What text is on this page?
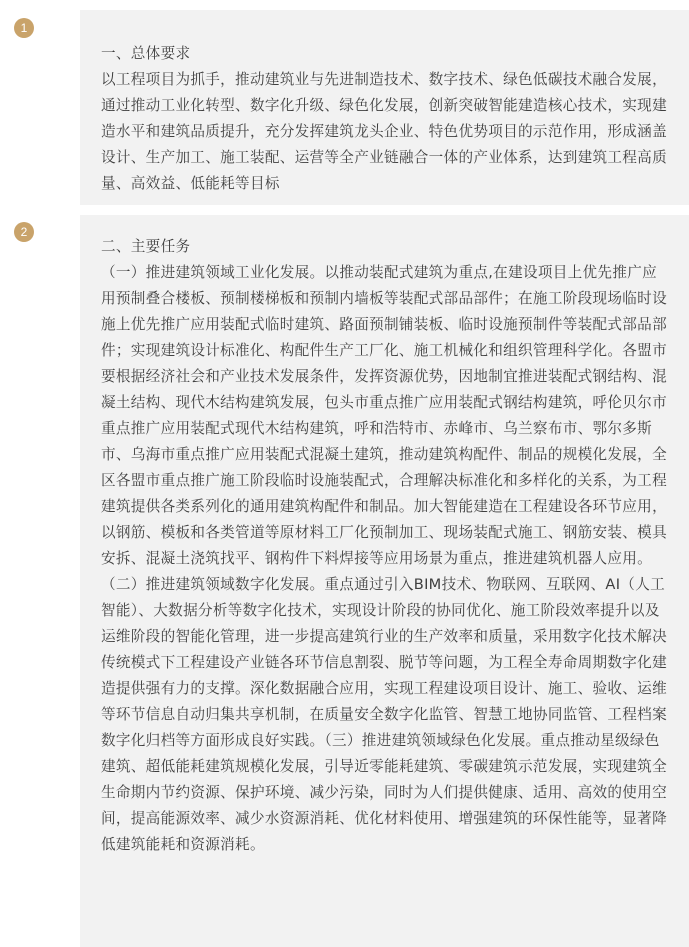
1

一、总体要求

以工程项目为抓手，推动建筑业与先进制造技术、数字技术、绿色低碳技术融合发展，通过推动工业化转型、数字化升级、绿色化发展，创新突破智能建造核心技术，实现建造水平和建筑品质提升，充分发挥建筑龙头企业、特色优势项目的示范作用，形成涵盖设计、生产加工、施工装配、运营等全产业链融合一体的产业体系，达到建筑工程高质量、高效益、低能耗等目标

2

二、主要任务

（一）推进建筑领域工业化发展。以推动装配式建筑为重点,在建设项目上优先推广应用预制叠合楼板、预制楼梯板和预制内墙板等装配式部品部件；在施工阶段现场临时设施上优先推广应用装配式临时建筑、路面预制铺装板、临时设施预制件等装配式部品部件；实现建筑设计标准化、构配件生产工厂化、施工机械化和组织管理科学化。各盟市要根据经济社会和产业技术发展条件，发挥资源优势，因地制宜推进装配式钢结构、混凝土结构、现代木结构建筑发展，包头市重点推广应用装配式钢结构建筑，呼伦贝尔市重点推广应用装配式现代木结构建筑，呼和浩特市、赤峰市、乌兰察布市、鄂尔多斯市、乌海市重点推广应用装配式混凝土建筑，推动建筑构配件、制品的规模化发展，全区各盟市重点推广施工阶段临时设施装配式，合理解决标准化和多样化的关系，为工程建筑提供各类系列化的通用建筑构配件和制品。加大智能建造在工程建设各环节应用，以钢筋、模板和各类管道等原材料工厂化预制加工、现场装配式施工、钢筋安装、模具安拆、混凝土浇筑找平、钢构件下料焊接等应用场景为重点，推进建筑机器人应用。

（二）推进建筑领域数字化发展。重点通过引入BIM技术、物联网、互联网、AI（人工智能）、大数据分析等数字化技术，实现设计阶段的协同优化、施工阶段效率提升以及运维阶段的智能化管理，进一步提高建筑行业的生产效率和质量，采用数字化技术解决传统模式下工程建设产业链各环节信息割裂、脱节等问题，为工程全寿命周期数字化建造提供强有力的支撑。深化数据融合应用，实现工程建设项目设计、施工、验收、运维等环节信息自动归集共享机制，在质量安全数字化监管、智慧工地协同监管、工程档案数字化归档等方面形成良好实践。（三）推进建筑领域绿色化发展。重点推动星级绿色建筑、超低能耗建筑规模化发展，引导近零能耗建筑、零碳建筑示范发展，实现建筑全生命期内节约资源、保护环境、减少污染，同时为人们提供健康、适用、高效的使用空间，提高能源效率、减少水资源消耗、优化材料使用、增强建筑的环保性能等，显著降低建筑能耗和资源消耗。
